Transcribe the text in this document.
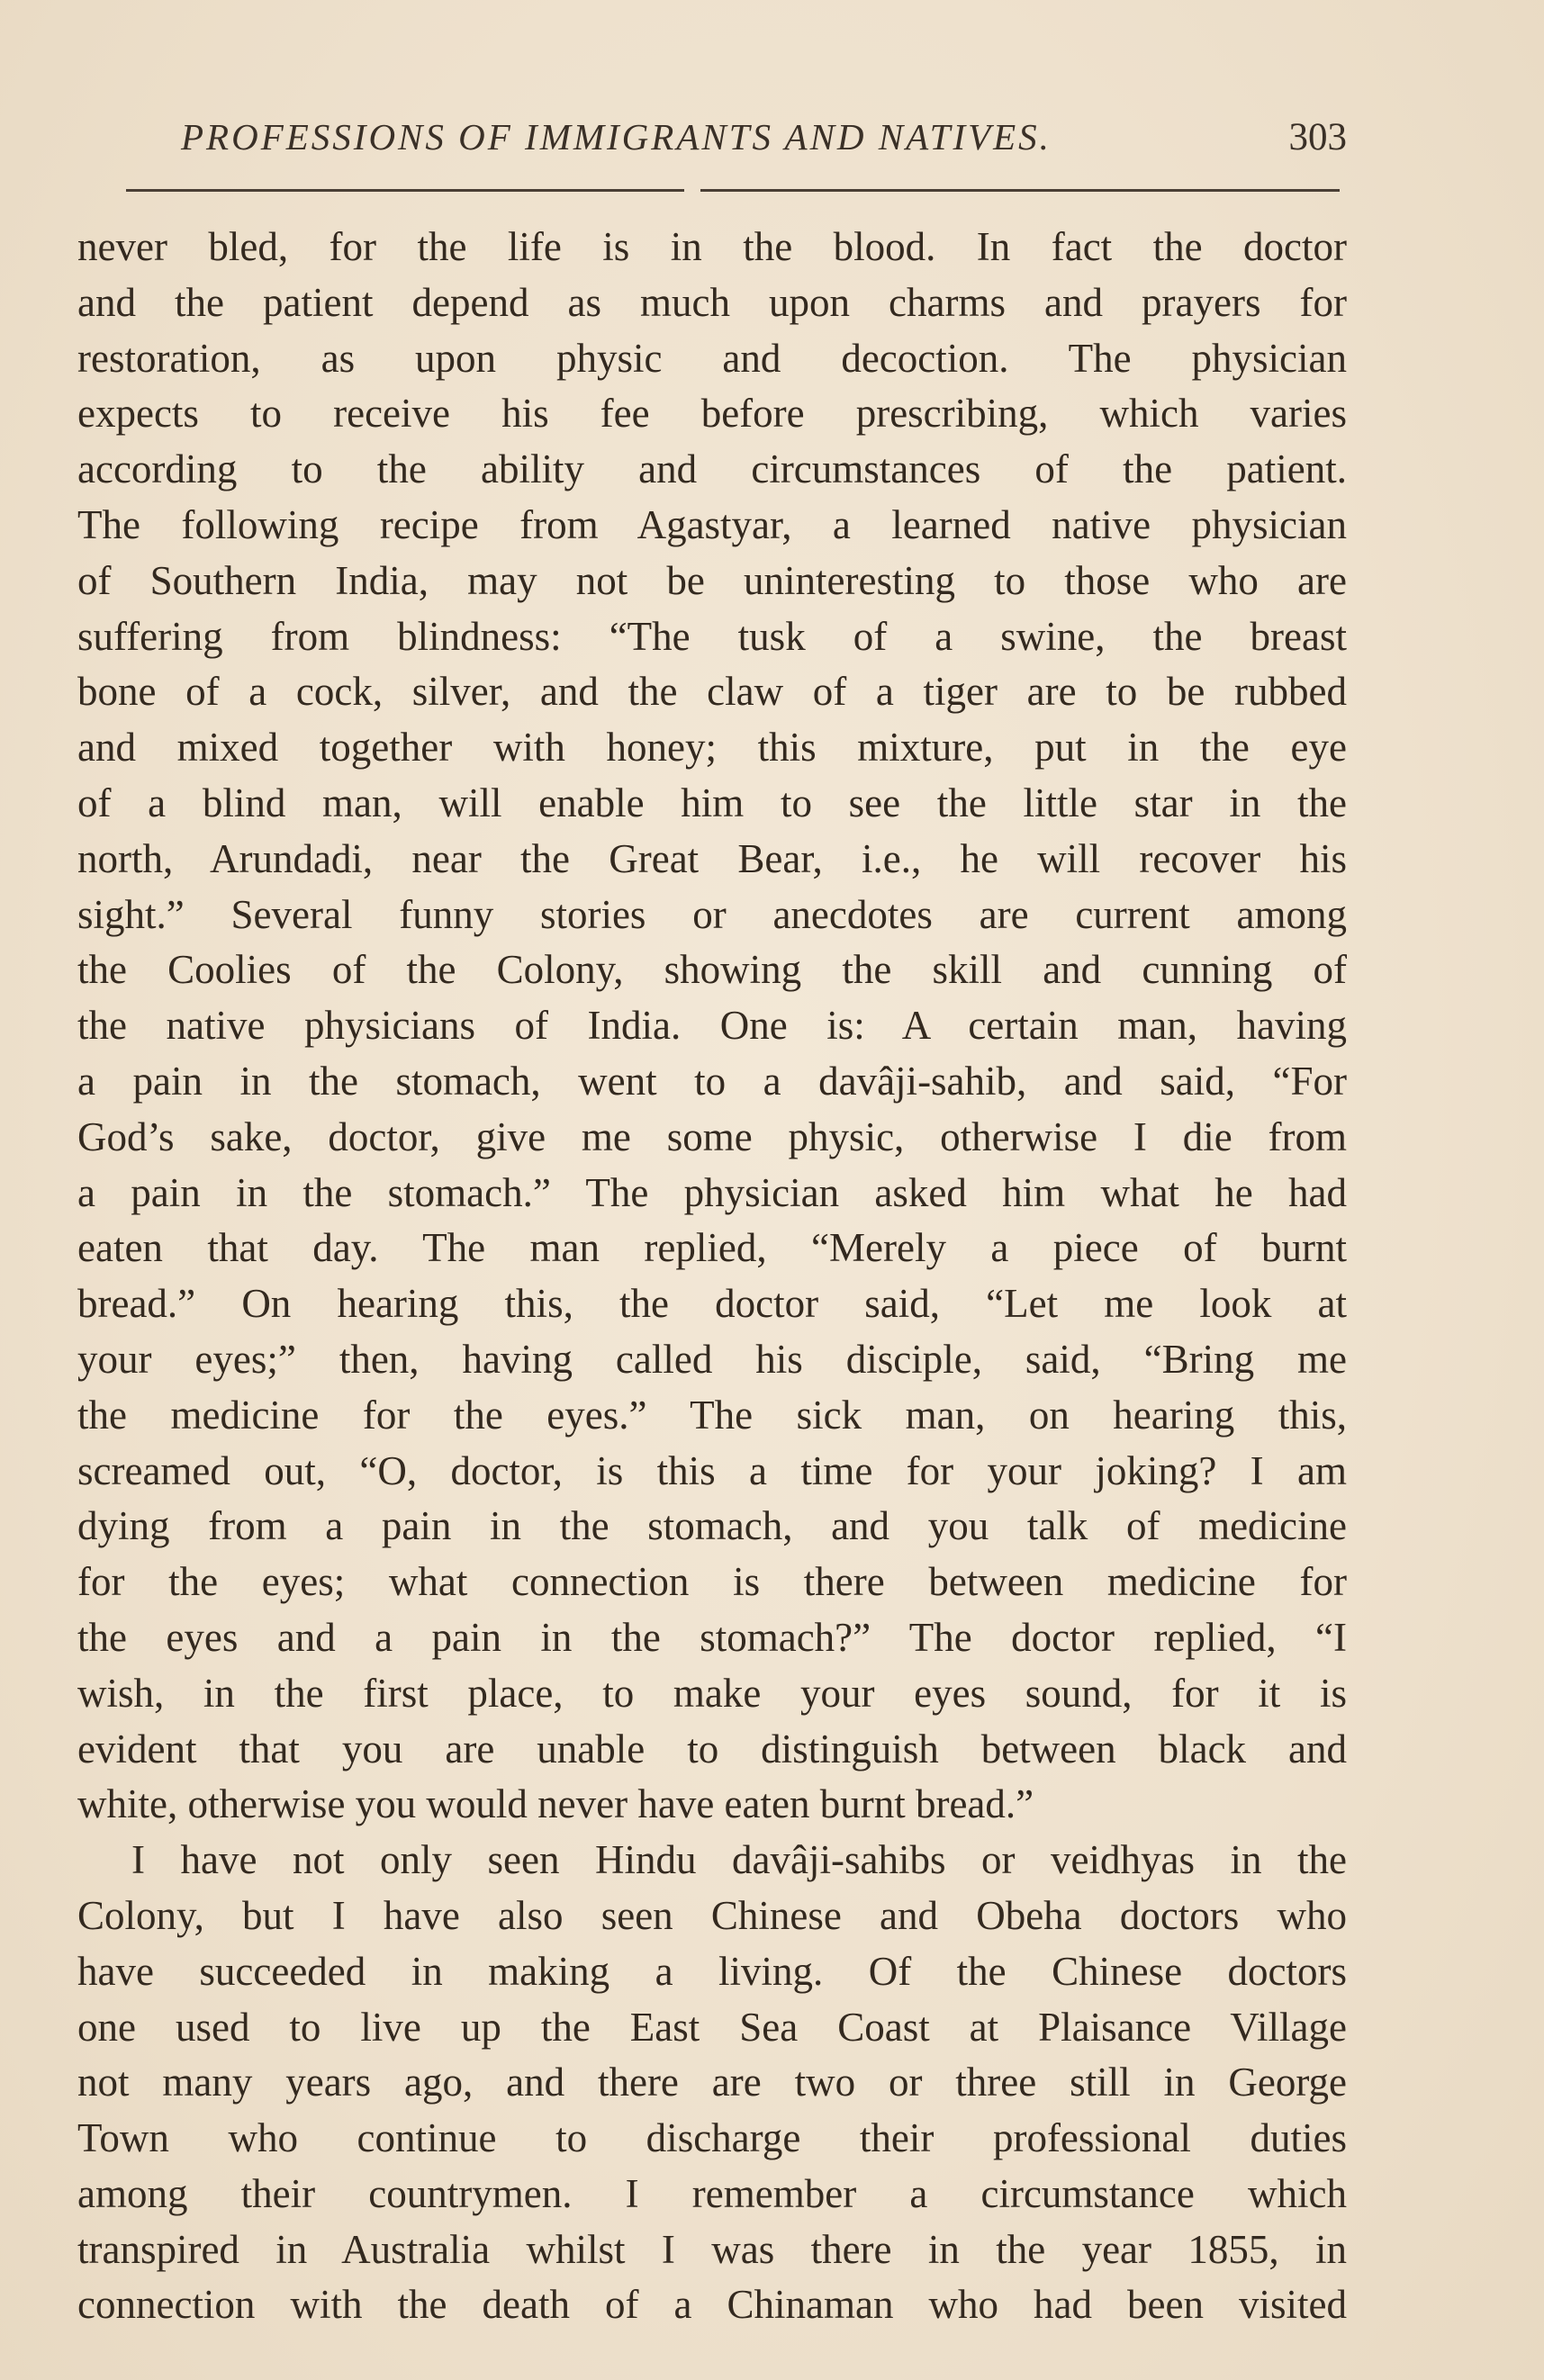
PROFESSIONS OF IMMIGRANTS AND NATIVES.	303
never bled, for the life is in the blood. In fact the doctor
and the patient depend as much upon charms and prayers for
restoration, as upon physic and decoction. The physician
expects to receive his fee before prescribing, which varies
according to the ability and circumstances of the patient.
The following recipe from Agastyar, a learned native physician
of Southern India, may not be uninteresting to those who are
suffering from blindness: “The tusk of a swine, the breast
bone of a cock, silver, and the claw of a tiger are to be rubbed
and mixed together with honey; this mixture, put in the eye
of a blind man, will enable him to see the little star in the
north, Arundadi, near the Great Bear, i.e., he will recover his
sight.” Several funny stories or anecdotes are current among
the Coolies of the Colony, showing the skill and cunning of
the native physicians of India. One is: A certain man, having
a pain in the stomach, went to a davâji-sahib, and said, “For
God’s sake, doctor, give me some physic, otherwise I die from
a pain in the stomach.” The physician asked him what he had
eaten that day. The man replied, “Merely a piece of burnt
bread.” On hearing this, the doctor said, “Let me look at
your eyes;” then, having called his disciple, said, “Bring me
the medicine for the eyes.” The sick man, on hearing this,
screamed out, “O, doctor, is this a time for your joking? I am
dying from a pain in the stomach, and you talk of medicine
for the eyes; what connection is there between medicine for
the eyes and a pain in the stomach?” The doctor replied, “I
wish, in the first place, to make your eyes sound, for it is
evident that you are unable to distinguish between black and
white, otherwise you would never have eaten burnt bread.”
I have not only seen Hindu davâji-sahibs or veidhyas in the
Colony, but I have also seen Chinese and Obeha doctors who
have succeeded in making a living. Of the Chinese doctors
one used to live up the East Sea Coast at Plaisance Village
not many years ago, and there are two or three still in George
Town who continue to discharge their professional duties
among their countrymen. I remember a circumstance which
transpired in Australia whilst I was there in the year 1855, in
connection with the death of a Chinaman who had been visited
